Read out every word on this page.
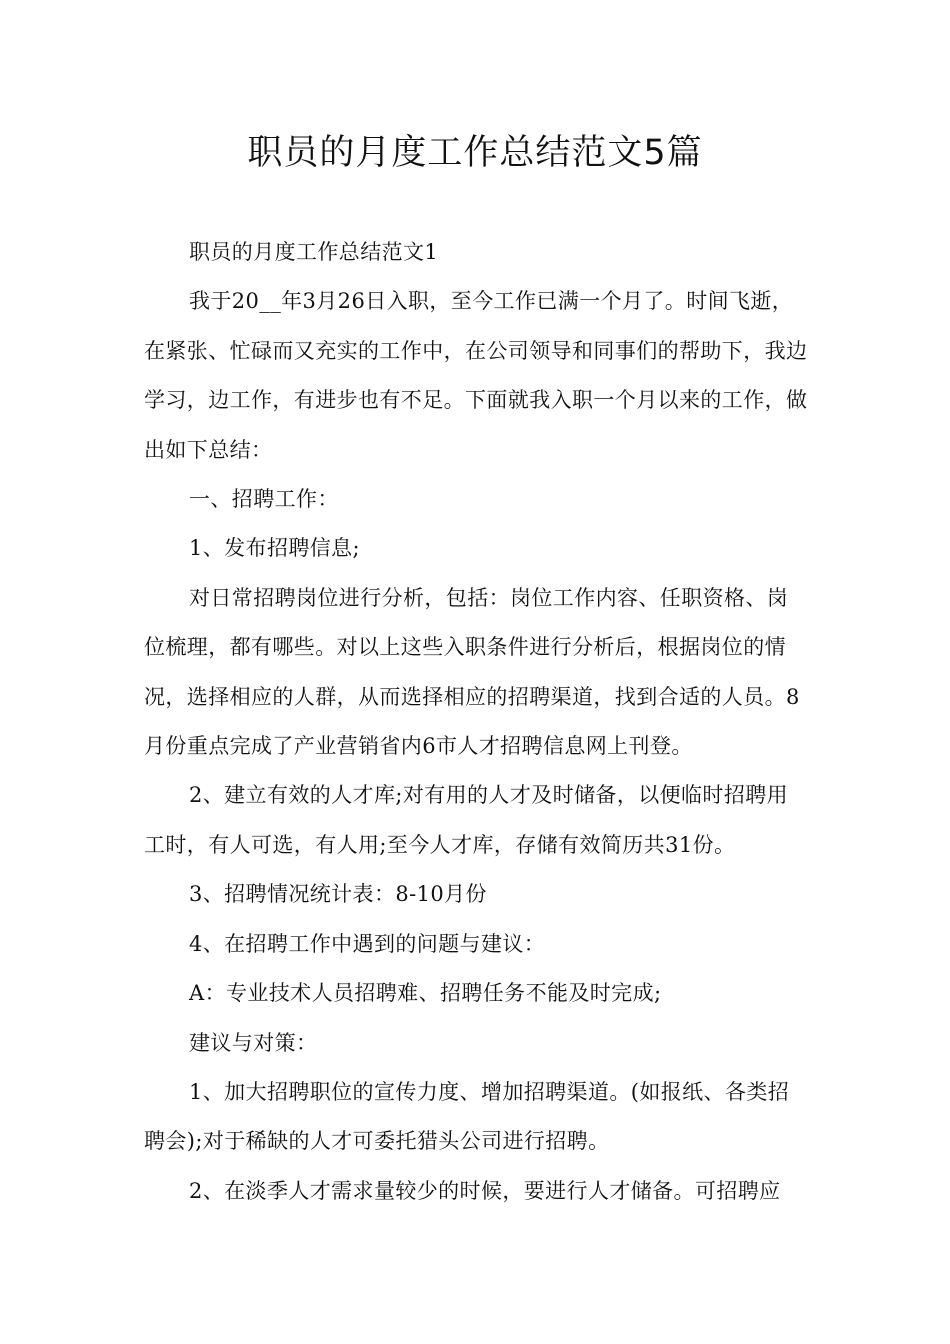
职员的月度工作总结范文5篇

职员的月度工作总结范文1

我于20__年3月26日入职，至今工作已满一个月了。时间飞逝，在紧张、忙碌而又充实的工作中，在公司领导和同事们的帮助下，我边学习，边工作，有进步也有不足。下面就我入职一个月以来的工作，做出如下总结：

一、招聘工作：

1、发布招聘信息;

对日常招聘岗位进行分析，包括：岗位工作内容、任职资格、岗位梳理，都有哪些。对以上这些入职条件进行分析后，根据岗位的情况，选择相应的人群，从而选择相应的招聘渠道，找到合适的人员。8月份重点完成了产业营销省内6市人才招聘信息网上刊登。

2、建立有效的人才库;对有用的人才及时储备，以便临时招聘用工时，有人可选，有人用;至今人才库，存储有效简历共31份。

3、招聘情况统计表：8-10月份

4、在招聘工作中遇到的问题与建议：

A：专业技术人员招聘难、招聘任务不能及时完成;

建议与对策：

1、加大招聘职位的宣传力度、增加招聘渠道。(如报纸、各类招聘会);对于稀缺的人才可委托猎头公司进行招聘。

2、在淡季人才需求量较少的时候，要进行人才储备。可招聘应
